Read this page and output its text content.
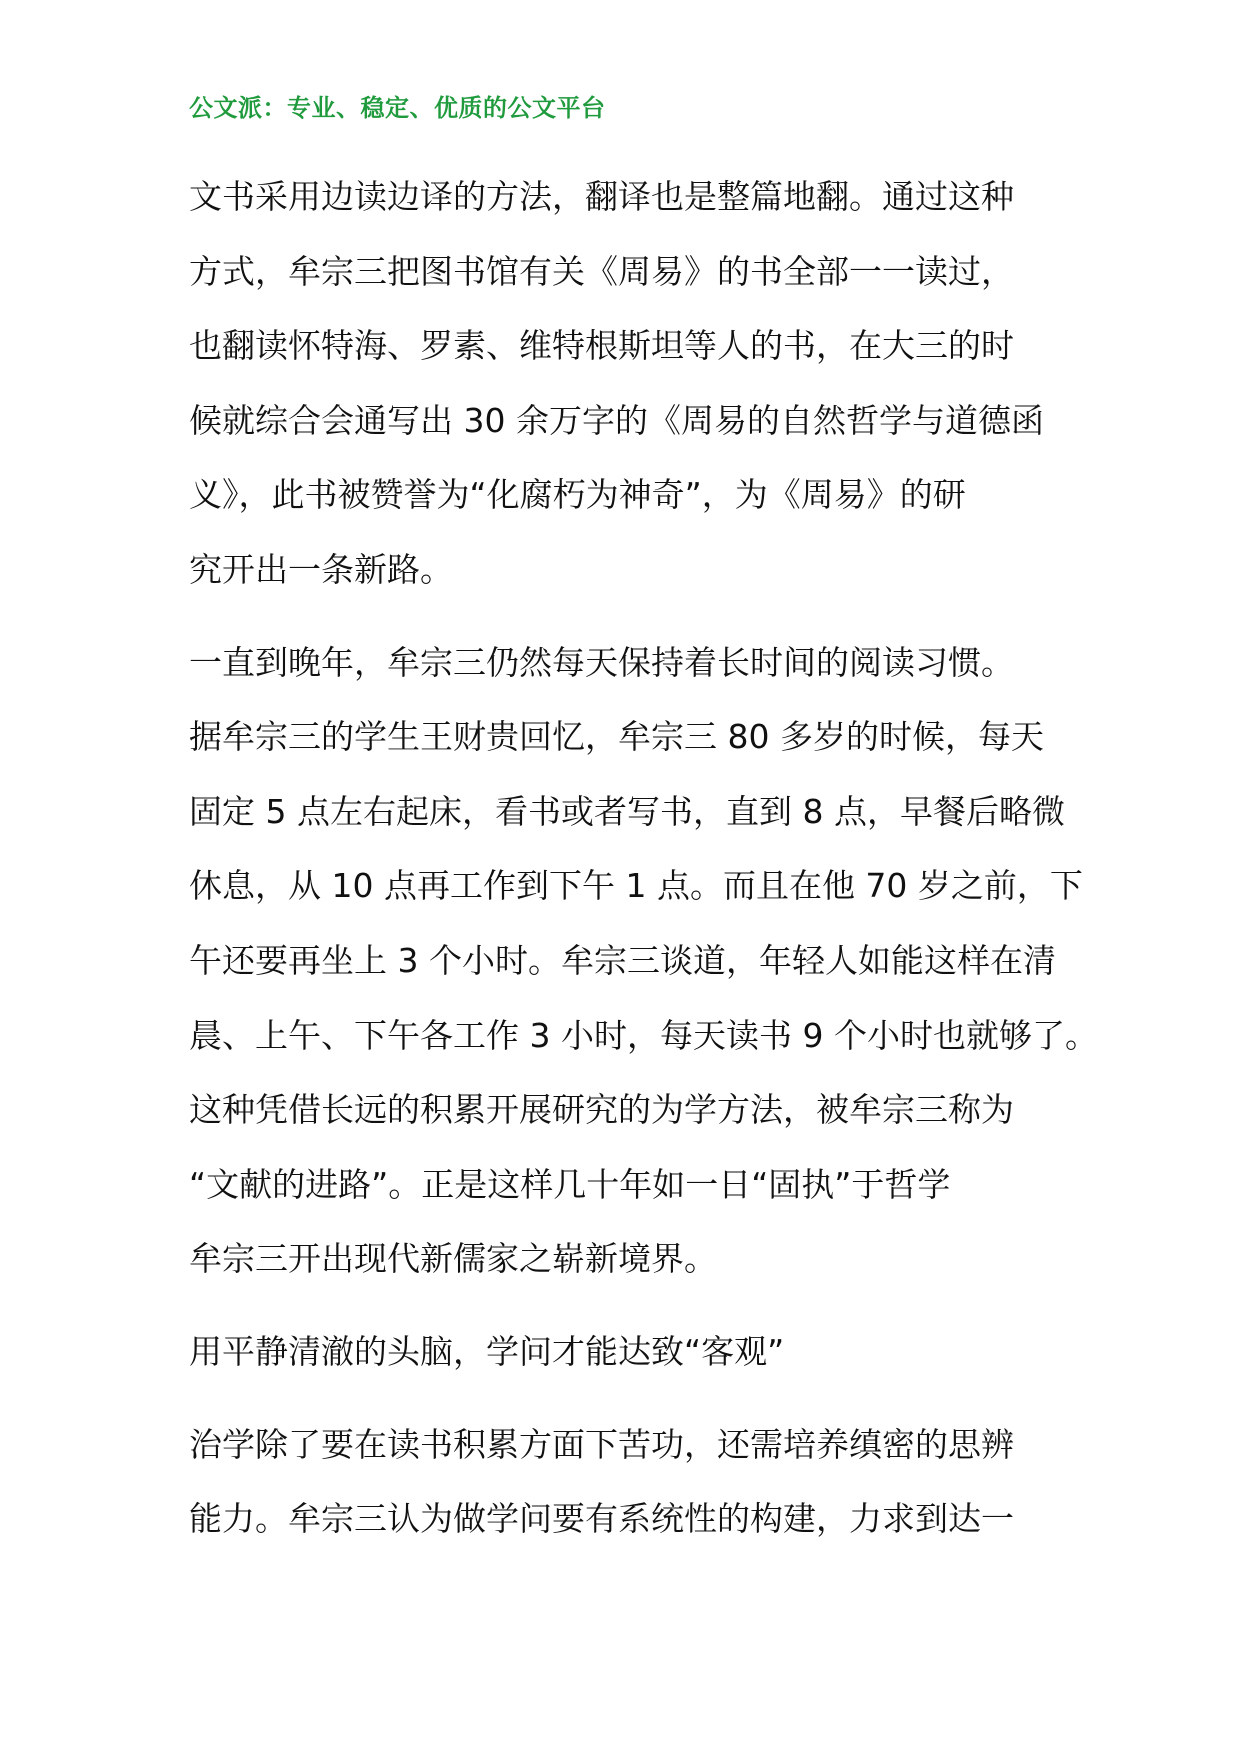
公文派：专业、稳定、优质的公文平台
文书采用边读边译的方法，翻译也是整篇地翻。通过这种
方式，牟宗三把图书馆有关《周易》的书全部一一读过，
也翻读怀特海、罗素、维特根斯坦等人的书，在大三的时
候就综合会通写出 30 余万字的《周易的自然哲学与道德函
义》，此书被赞誉为“化腐朽为神奇”，为《周易》的研
究开出一条新路。
一直到晚年，牟宗三仍然每天保持着长时间的阅读习惯。
据牟宗三的学生王财贵回忆，牟宗三 80 多岁的时候，每天
固定 5 点左右起床，看书或者写书，直到 8 点，早餐后略微
休息，从 10 点再工作到下午 1 点。而且在他 70 岁之前，下
午还要再坐上 3 个小时。牟宗三谈道，年轻人如能这样在清
晨、上午、下午各工作 3 小时，每天读书 9 个小时也就够了。
这种凭借长远的积累开展研究的为学方法，被牟宗三称为
“文献的进路”。正是这样几十年如一日“固执”于哲学
牟宗三开出现代新儒家之崭新境界。
用平静清澈的头脑，学问才能达致“客观”
治学除了要在读书积累方面下苦功，还需培养缜密的思辨
能力。牟宗三认为做学问要有系统性的构建，力求到达一
